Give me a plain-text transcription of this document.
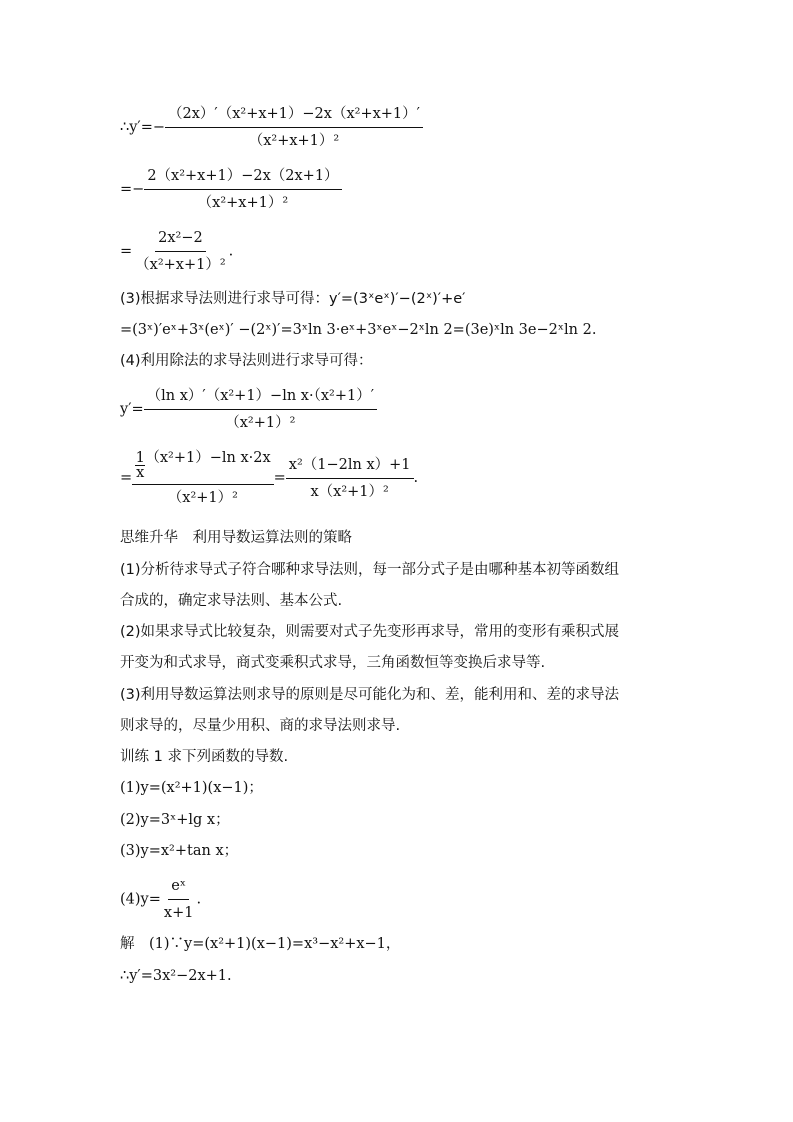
∴y′=− $\frac{\text{（2x）′（x²+x+1）−2x（x²+x+1）′}}{\text{（x²+x+1）²}}$
=− $\frac{\text{2（x²+x+1）−2x（2x+1）}}{\text{（x²+x+1）²}}$
= $\frac{\text{2x²−2}}{\text{（x²+x+1）²}}$ .
(3)根据求导法则进行求导可得：y′=(3ˣeˣ)′−(2ˣ)′+e′
=(3ˣ)′eˣ+3ˣ(eˣ)′ −(2ˣ)′=3ˣln 3·eˣ+3ˣeˣ−2ˣln 2=(3e)ˣln 3e−2ˣln 2.
(4)利用除法的求导法则进行求导可得：
$y'= \frac{\text{（ln x）′（x²+1）−ln x·（x²+1）′}}{\text{（x²+1）²}}$
= $\frac{\frac{1}{x} (x^2+1)-\ln x\cdot 2x}{\text{（x²+1）²}} = \frac{\text{x²（1−2ln x）+1}}{\text{x（x²+1）²}}$ .
思维升华　利用导数运算法则的策略
(1)分析待求导式子符合哪种求导法则，每一部分式子是由哪种基本初等函数组
合成的，确定求导法则、基本公式.
(2)如果求导式比较复杂，则需要对式子先变形再求导，常用的变形有乘积式展
开变为和式求导，商式变乘积式求导，三角函数恒等变换后求导等.
(3)利用导数运算法则求导的原则是尽可能化为和、差，能利用和、差的求导法
则求导的，尽量少用积、商的求导法则求导.
训练 1 求下列函数的导数.
(1)y=(x²+1)(x−1)；
(2)y=3ˣ+lg x；
(3)y=x²+tan x；
$(4)y= \frac{\text{eˣ}}{x+1}$ .
解　(1)∵y=(x²+1)(x−1)=x³−x²+x−1，
∴y′=3x²−2x+1.
